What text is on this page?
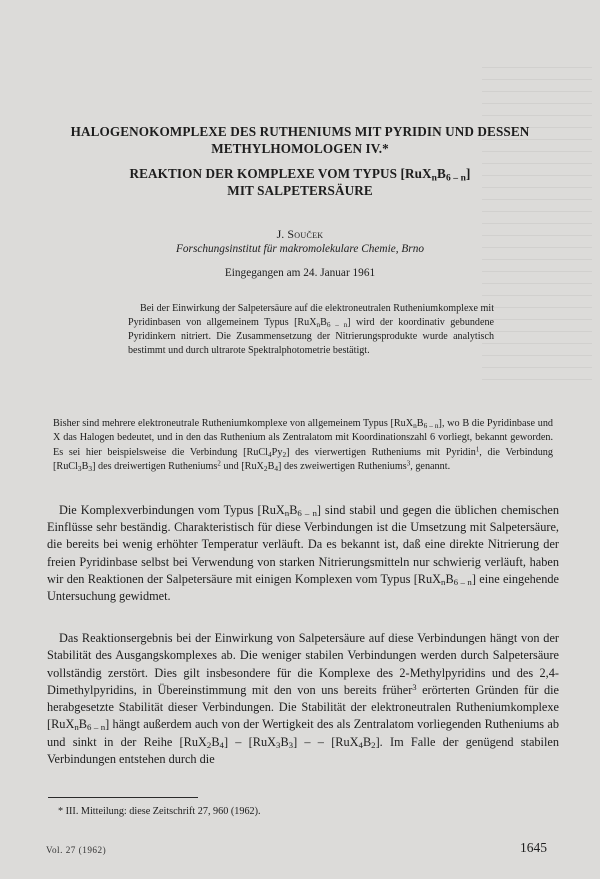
HALOGENOKOMPLEXE DES RUTHENIUMS MIT PYRIDIN UND DESSEN
METHYLHOMOLOGEN IV.*
REAKTION DER KOMPLEXE VOM TYPUS $[RuX_nB_{6 - n}]$
MIT SALPETERSÄURE
J. Souček
Forschungsinstitut für makromolekulare Chemie, Brno
Eingegangen am 24. Januar 1961

Bei der Einwirkung der Salpetersäure auf die elektroneutralen Rutheniumkomplexe mit Pyridinbasen von allgemeinem Typus $[RuX_nB_{6 - n}]$ wird der koordinativ gebundene Pyridinkern nitriert. Die Zusammensetzung der Nitrierungsprodukte wurde analytisch bestimmt und durch ultrarote Spektralphotometrie bestätigt.

Bisher sind mehrere elektroneutrale Rutheniumkomplexe von allgemeinem Typus $[RuX_nB_{6 - n}]$, wo B die Pyridinbase und X das Halogen bedeutet, und in den das Ruthenium als Zentralatom mit Koordinationszahl 6 vorliegt, bekannt geworden. Es sei hier beispielsweise die Verbindung $[RuCl_4Py_2]$ des vierwertigen Rutheniums mit Pyridin$^1$, die Verbindung $[RuCl_3B_3]$ des dreiwertigen Rutheniums$^2$ und $[RuX_2B_4]$ des zweiwertigen Rutheniums$^3$, genannt.

Die Komplexverbindungen vom Typus $[RuX_nB_{6 - n}]$ sind stabil und gegen die üblichen chemischen Einflüsse sehr beständig. Charakteristisch für diese Verbindungen ist die Umsetzung mit Salpetersäure, die bereits bei wenig erhöhter Temperatur verläuft. Da es bekannt ist, daß eine direkte Nitrierung der freien Pyridinbase selbst bei Verwendung von starken Nitrierungsmitteln nur schwierig verläuft, haben wir den Reaktionen der Salpetersäure mit einigen Komplexen vom Typus $[RuX_nB_{6 - n}]$ eine eingehende Untersuchung gewidmet.

Das Reaktionsergebnis bei der Einwirkung von Salpetersäure auf diese Verbindungen hängt von der Stabilität des Ausgangskomplexes ab. Die weniger stabilen Verbindungen werden durch Salpetersäure vollständig zerstört. Dies gilt insbesondere für die Komplexe des 2-Methylpyridins und des 2,4-Dimethylpyridins, in Übereinstimmung mit den von uns bereits früher$^3$ erörterten Gründen für die herabgesetzte Stabilität dieser Verbindungen. Die Stabilität der elektroneutralen Rutheniumkomplexe $[RuX_nB_{6 - n}]$ hängt außerdem auch von der Wertigkeit des als Zentralatom vorliegenden Rutheniums ab und sinkt in der Reihe $[RuX_2B_4] - [RuX_3B_3]$ – – $[RuX_4B_2]$. Im Falle der genügend stabilen Verbindungen entstehen durch die

* III. Mitteilung: diese Zeitschrift 27, 960 (1962).
Vol. 27 (1962)	1645
